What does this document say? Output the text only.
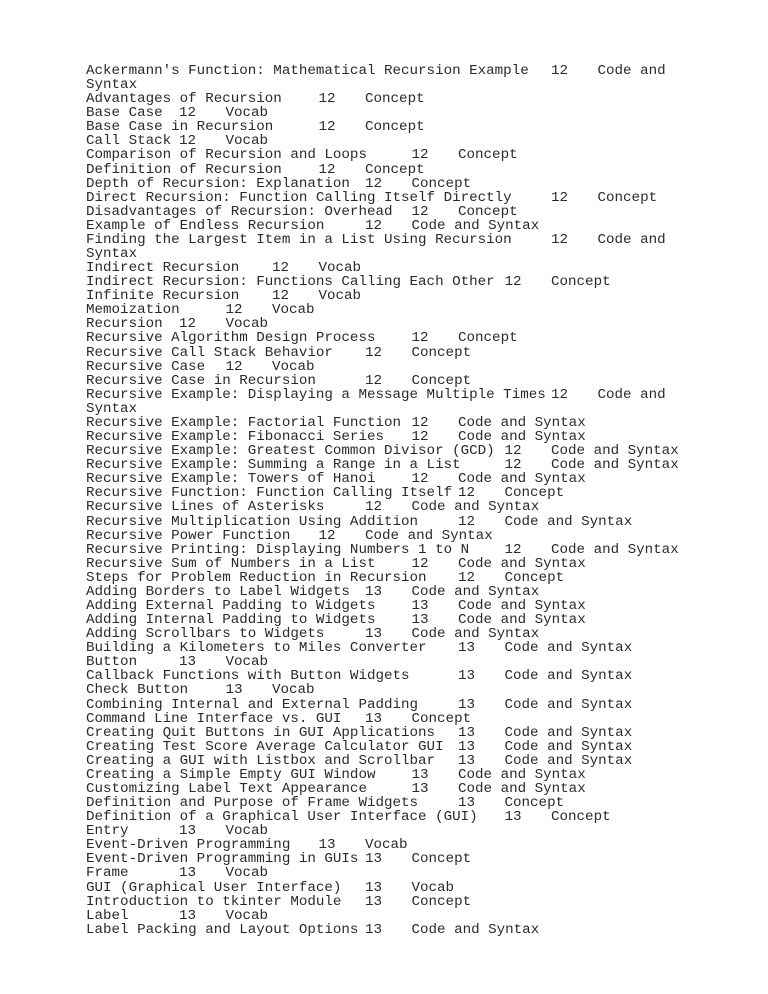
Ackermann's Function: Mathematical Recursion Example	12	Code and Syntax

Advantages of Recursion		12	Concept

Base Case	12	Vocab

Base Case in Recursion		12	Concept

Call Stack	12	Vocab

Comparison of Recursion and Loops		12	Concept

Definition of Recursion		12	Concept

Depth of Recursion: Explanation	12	Concept

Direct Recursion: Function Calling Itself Directly		12	Concept

Disadvantages of Recursion: Overhead	12	Concept

Example of Endless Recursion		12	Code and Syntax

Finding the Largest Item in a List Using Recursion		12	Code and Syntax

Indirect Recursion	12	Vocab

Indirect Recursion: Functions Calling Each Other	12	Concept

Infinite Recursion	12	Vocab

Memoization		12	Vocab

Recursion	12	Vocab

Recursive Algorithm Design Process		12	Concept

Recursive Call Stack Behavior	12	Concept

Recursive Case	12	Vocab

Recursive Case in Recursion		12	Concept

Recursive Example: Displaying a Message Multiple Times	12	Code and Syntax

Recursive Example: Factorial Function	12	Code and Syntax

Recursive Example: Fibonacci Series	12	Code and Syntax

Recursive Example: Greatest Common Divisor (GCD)	12	Code and Syntax

Recursive Example: Summing a Range in a List		12	Code and Syntax

Recursive Example: Towers of Hanoi		12	Code and Syntax

Recursive Function: Function Calling Itself	12	Concept

Recursive Lines of Asterisks		12	Code and Syntax

Recursive Multiplication Using Addition		12	Code and Syntax

Recursive Power Function	12	Code and Syntax

Recursive Printing: Displaying Numbers 1 to N	12	Code and Syntax

Recursive Sum of Numbers in a List		12	Code and Syntax

Steps for Problem Reduction in Recursion	12	Concept

Adding Borders to Label Widgets	13	Code and Syntax

Adding External Padding to Widgets		13	Code and Syntax

Adding Internal Padding to Widgets		13	Code and Syntax

Adding Scrollbars to Widgets		13	Code and Syntax

Building a Kilometers to Miles Converter	13	Code and Syntax

Button		13	Vocab

Callback Functions with Button Widgets		13	Code and Syntax

Check Button		13	Vocab

Combining Internal and External Padding		13	Code and Syntax

Command Line Interface vs. GUI	13	Concept

Creating Quit Buttons in GUI Applications	13	Code and Syntax

Creating Test Score Average Calculator GUI	13	Code and Syntax

Creating a GUI with Listbox and Scrollbar	13	Code and Syntax

Creating a Simple Empty GUI Window		13	Code and Syntax

Customizing Label Text Appearance		13	Code and Syntax

Definition and Purpose of Frame Widgets		13	Concept

Definition of a Graphical User Interface (GUI)	13	Concept

Entry		13	Vocab

Event-Driven Programming	13	Vocab

Event-Driven Programming in GUIs	13	Concept

Frame		13	Vocab

GUI (Graphical User Interface)	13	Vocab

Introduction to tkinter Module	13	Concept

Label		13	Vocab

Label Packing and Layout Options	13	Code and Syntax
